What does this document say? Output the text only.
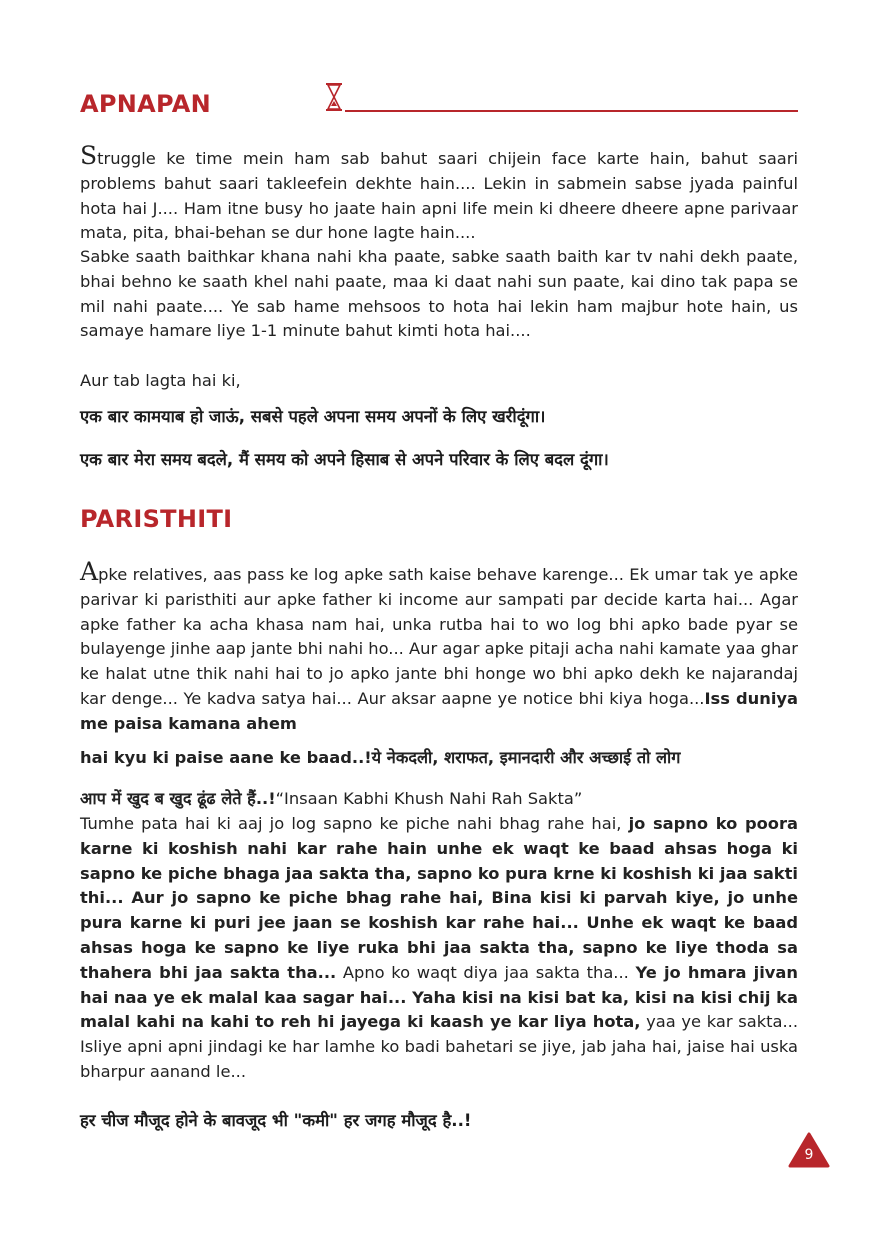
APNAPAN

Struggle ke time mein ham sab bahut saari chijein face karte hain, bahut saari problems bahut saari takleefein dekhte hain.... Lekin in sabmein sabse jyada painful hota hai J.... Ham itne busy ho jaate hain apni life mein ki dheere dheere apne parivaar mata, pita, bhai-behan se dur hone lagte hain....

Sabke saath baithkar khana nahi kha paate, sabke saath baith kar tv nahi dekh paate, bhai behno ke saath khel nahi paate, maa ki daat nahi sun paate, kai dino tak papa se mil nahi paate.... Ye sab hame mehsoos to hota hai lekin ham majbur hote hain, us samaye hamare liye 1-1 minute bahut kimti hota hai....

Aur tab lagta hai ki,

एक बार कामयाब हो जाऊं, सबसे पहले अपना समय अपनों के लिए खरीदूंगा।

एक बार मेरा समय बदले, मैं समय को अपने हिसाब से अपने परिवार के लिए बदल दूंगा।

PARISTHITI

Apke relatives, aas pass ke log apke sath kaise behave karenge... Ek umar tak ye apke parivar ki paristhiti aur apke father ki income aur sampati par decide karta hai... Agar apke father ka acha khasa nam hai, unka rutba hai to wo log bhi apko bade pyar se bulayenge jinhe aap jante bhi nahi ho... Aur agar apke pitaji acha nahi kamate yaa ghar ke halat utne thik nahi hai to jo apko jante bhi honge wo bhi apko dekh ke najarandaj kar denge... Ye kadva satya hai... Aur aksar aapne ye notice bhi kiya hoga...Iss duniya me paisa kamana ahem

hai kyu ki paise aane ke baad..!ये नेकदली, शराफत, इमानदारी और अच्छाई तो लोग

आप में खुद ब खुद ढूंढ लेते हैं..!“Insaan Kabhi Khush Nahi Rah Sakta”

Tumhe pata hai ki aaj jo log sapno ke piche nahi bhag rahe hai, jo sapno ko poora karne ki koshish nahi kar rahe hain unhe ek waqt ke baad ahsas hoga ki sapno ke piche bhaga jaa sakta tha, sapno ko pura krne ki koshish ki jaa sakti thi... Aur jo sapno ke piche bhag rahe hai, Bina kisi ki parvah kiye, jo unhe pura karne ki puri jee jaan se koshish kar rahe hai... Unhe ek waqt ke baad ahsas hoga ke sapno ke liye ruka bhi jaa sakta tha, sapno ke liye thoda sa thahera bhi jaa sakta tha... Apno ko waqt diya jaa sakta tha... Ye jo hmara jivan hai naa ye ek malal kaa sagar hai... Yaha kisi na kisi bat ka, kisi na kisi chij ka malal kahi na kahi to reh hi jayega ki kaash ye kar liya hota, yaa ye kar sakta... Isliye apni apni jindagi ke har lamhe ko badi bahetari se jiye, jab jaha hai, jaise hai uska bharpur aanand le...

हर चीज मौजूद होने के बावजूद भी "कमी" हर जगह मौजूद है..!

9
